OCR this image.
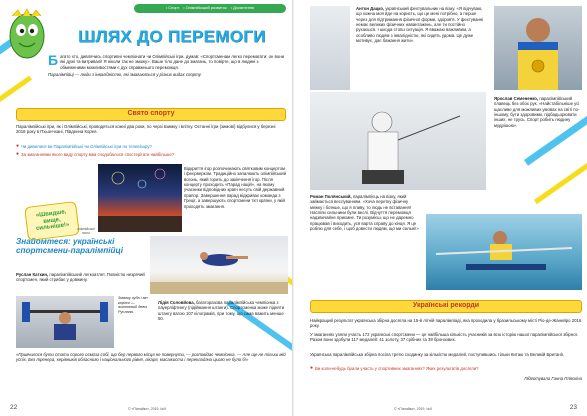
• Спорт • Олімпійський розвиток • Досягнення
ШЛЯХ ДО ПЕРЕМОГИ

Багато хто, дивлячись спортивні чемпіонати чи Олімпійські ігри, думав: «Спортсменам легко перемагати: он вони які дужі та витривалі! Я ніколи так не зможу». Ваше тіло дане до змагань, то повірте, що в людині з обмеженими можливостями є дух справжнього переможця.

Паралімпійці — люди з інвалідністю, які змагаються у різних видах спорту.

Свято спорту
Паралімпійські ігри, як і Олімпійські, проводяться кожні два роки, по черзі взимку і влітку. Останні ігри (зимові) відбулися у березні 2018 року в Пхьончхані, Південна Корея.
● Чи дивилися ви Паралімпійські чи Олімпійські ігри по телевізору?
● За змаганнями якого виду спорту вам сподобалося спостерігати найбільше?
«Швидше, вище, сильніше!»	олімпійське гасло
Відкриття ігор розпочинають святковим концертом і феєрверком. Традиційно запалюють олімпійський вогонь, який горить до закінчення ігор. Після концерту проходить «Парад націй», на якому учасники відповідних країн несуть свій державний прапор. Завершення парад відкриває команда з Греції, а завершують спортсмени тієї країни, у якій проходять змагання.
Знайомтеся: українські спортсмени-паралімпійці
Руслан Каткин, паралімпійський легкоатлет. Повністю незрячий спортсмен, який стрибає у довжину.
Змалку зубн і він корінчі — життєвий девіз Руслана.
Лідія Соловйова, багаторазова паралімпійська чемпіонка з пауерліфтингу (підіймання штанги). Спортсменка може підняти штангу вагою 107 кілограмів, при тому, що сама важить менше 50.
«Привчилося бути стати сорого осмоза собі, що бер первого місця не повернути, — розповідає чемпіонка. — Але ще не тільки мій успіх. Без тренера, керівників обласного і національного рівня, лікаря, масажиста і перекладача цього не було б!»
22	© «Пізнайко», 2019, №9
Антон Дацко, український фехтувальник на візку. «Я відчуваю, що кожна моя йде на користь, що це мені потрібно, а перше через для підтримання фізичної форми, здоров'я. У фехтуванні немає великих фізичних навантажень, але ти постійно рухаєшся. І шкода стоїш ситуація. Я вважаю важливим, а особливо людям з інвалідністю, які сидять удома. Це дуже мотивує, дає бажання жити».
Ярослав Семененко, паралімпійський плавець без обох рук. «Найстабільніше усі щасливе для можливих умовах на світі по-іншому, бути здоровими, підбадьорювати інших, не трусь. Спорт робить людину мудрішою».
Роман Полянський, паралімпієць на візку, який займається веслуванням. «Хоча перетку фізичну межку і боїнше, що я пливу, то людь не вставання! Насліпи сильнини були веслі. Відчуття переможця надзвичайне приємне. Ти розумієш, що не даремно працював і виходить, уся варта справу до кінця. Я це роблю для себе, і щоб довести людям, що ми сильні!»
Українські рекорди
Найкращий результат українська збірна досягла на 15-й літній паралімпіаді, яка проходила у бразильському місті Ріо-де-Жанейро 2016 року.
У змаганнях узяли участь 172 українські спортсмени — це найбільша кількість учасників за всю історію нашої паралімпійської збірної. Разом вони здобули 117 медалей: 41 золоту, 37 срібних та 39 бронзових.
Українська паралімпійська збірна посіла третю сходинку за кількістю медалей, поступившись тільки Китаю та Великій Британії.
● Ви коли-небудь брали участь у спортивних змаганнях? Яких результатів досягли?
Підготувала Ганна Пляскіна
© «Пізнайко», 2019, №9	23
